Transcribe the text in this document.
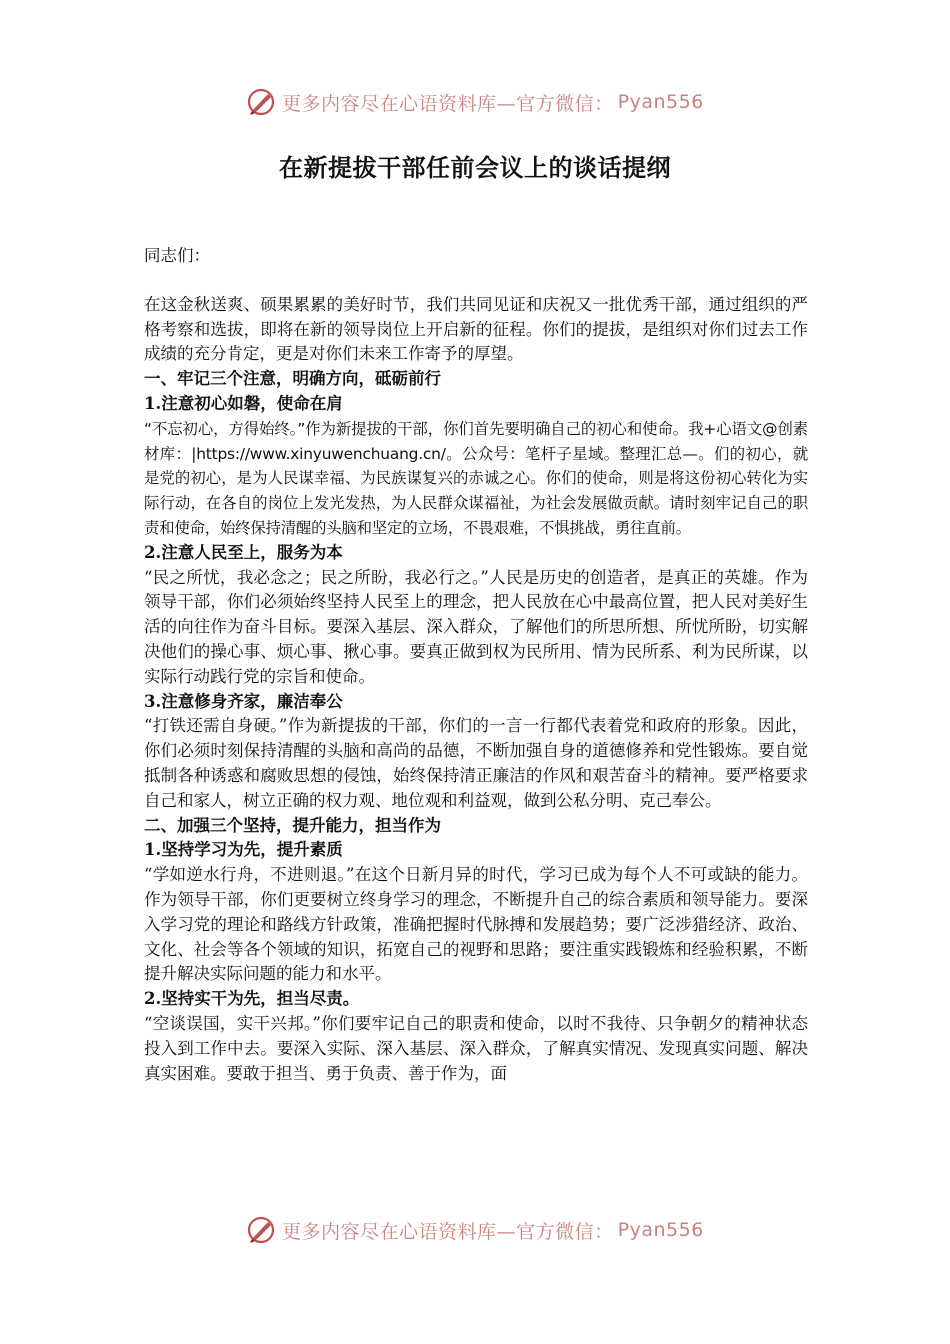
更多内容尽在心语资料库—官方微信： Pyan556
在新提拔干部任前会议上的谈话提纲

同志们：

在这金秋送爽、硕果累累的美好时节，我们共同见证和庆祝又一批优秀干部，通过组织的严格考察和选拔，即将在新的领导岗位上开启新的征程。你们的提拔，是组织对你们过去工作成绩的充分肯定，更是对你们未来工作寄予的厚望。

一、牢记三个注意，明确方向，砥砺前行

1.注意初心如磐，使命在肩

“不忘初心，方得始终。”作为新提拔的干部，你们首先要明确自己的初心和使命。我+心语文@创素材库：|https://www.xinyuwenchuang.cn/。公众号：笔杆子星域。整理汇总—。们的初心，就是党的初心，是为人民谋幸福、为民族谋复兴的赤诚之心。你们的使命，则是将这份初心转化为实际行动，在各自的岗位上发光发热，为人民群众谋福祉，为社会发展做贡献。请时刻牢记自己的职责和使命，始终保持清醒的头脑和坚定的立场，不畏艰难，不惧挑战，勇往直前。

2.注意人民至上，服务为本

“民之所忧，我必念之；民之所盼，我必行之。”人民是历史的创造者，是真正的英雄。作为领导干部，你们必须始终坚持人民至上的理念，把人民放在心中最高位置，把人民对美好生活的向往作为奋斗目标。要深入基层、深入群众，了解他们的所思所想、所忧所盼，切实解决他们的操心事、烦心事、揪心事。要真正做到权为民所用、情为民所系、利为民所谋，以实际行动践行党的宗旨和使命。

3.注意修身齐家，廉洁奉公

“打铁还需自身硬。”作为新提拔的干部，你们的一言一行都代表着党和政府的形象。因此，你们必须时刻保持清醒的头脑和高尚的品德，不断加强自身的道德修养和党性锻炼。要自觉抵制各种诱惑和腐败思想的侵蚀，始终保持清正廉洁的作风和艰苦奋斗的精神。要严格要求自己和家人，树立正确的权力观、地位观和利益观，做到公私分明、克己奉公。

二、加强三个坚持，提升能力，担当作为

1.坚持学习为先，提升素质

“学如逆水行舟，不进则退。”在这个日新月异的时代，学习已成为每个人不可或缺的能力。作为领导干部，你们更要树立终身学习的理念，不断提升自己的综合素质和领导能力。要深入学习党的理论和路线方针政策，准确把握时代脉搏和发展趋势；要广泛涉猎经济、政治、文化、社会等各个领域的知识，拓宽自己的视野和思路；要注重实践锻炼和经验积累，不断提升解决实际问题的能力和水平。

2.坚持实干为先，担当尽责。

“空谈误国，实干兴邦。”你们要牢记自己的职责和使命，以时不我待、只争朝夕的精神状态投入到工作中去。要深入实际、深入基层、深入群众，了解真实情况、发现真实问题、解决真实困难。要敢于担当、勇于负责、善于作为，面

更多内容尽在心语资料库—官方微信： Pyan556
